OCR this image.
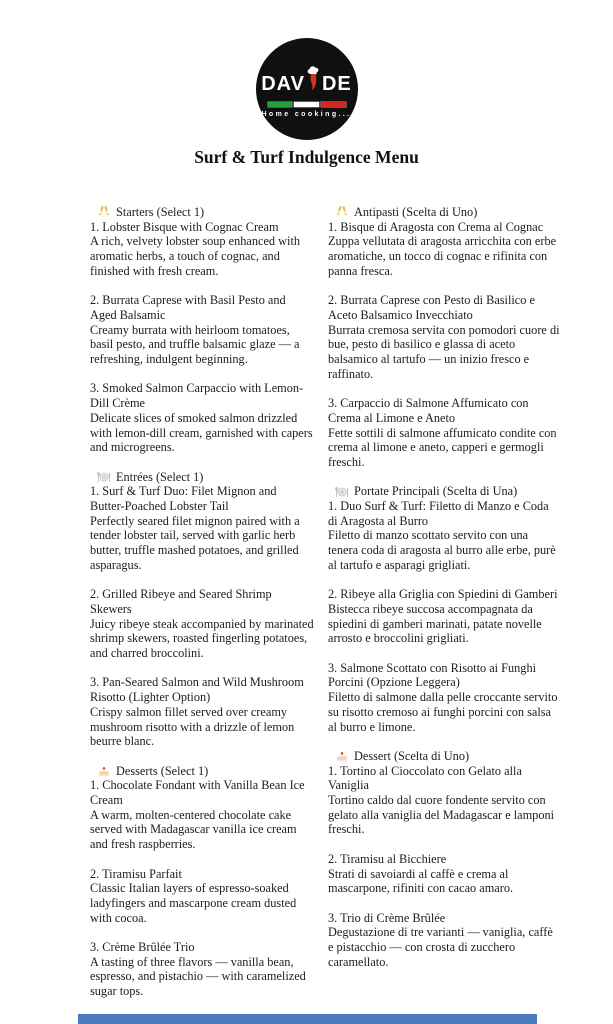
DAV DE
Home cooking...
Surf & Turf Indulgence Menu
Starters (Select 1)
1. Lobster Bisque with Cognac Cream
A rich, velvety lobster soup enhanced with aromatic herbs, a touch of cognac, and finished with fresh cream.
2. Burrata Caprese with Basil Pesto and Aged Balsamic
Creamy burrata with heirloom tomatoes, basil pesto, and truffle balsamic glaze — a refreshing, indulgent beginning.
3. Smoked Salmon Carpaccio with Lemon-Dill Crème
Delicate slices of smoked salmon drizzled with lemon-dill cream, garnished with capers and microgreens.
Entrées (Select 1)
1. Surf & Turf Duo: Filet Mignon and Butter-Poached Lobster Tail
Perfectly seared filet mignon paired with a tender lobster tail, served with garlic herb butter, truffle mashed potatoes, and grilled asparagus.
2. Grilled Ribeye and Seared Shrimp Skewers
Juicy ribeye steak accompanied by marinated shrimp skewers, roasted fingerling potatoes, and charred broccolini.
3. Pan-Seared Salmon and Wild Mushroom Risotto (Lighter Option)
Crispy salmon fillet served over creamy mushroom risotto with a drizzle of lemon beurre blanc.
Desserts (Select 1)
1. Chocolate Fondant with Vanilla Bean Ice Cream
A warm, molten-centered chocolate cake served with Madagascar vanilla ice cream and fresh raspberries.
2. Tiramisu Parfait
Classic Italian layers of espresso-soaked ladyfingers and mascarpone cream dusted with cocoa.
3. Crème Brûlée Trio
A tasting of three flavors — vanilla bean, espresso, and pistachio — with caramelized sugar tops.
Antipasti (Scelta di Uno)
1. Bisque di Aragosta con Crema al Cognac
Zuppa vellutata di aragosta arricchita con erbe aromatiche, un tocco di cognac e rifinita con panna fresca.
2. Burrata Caprese con Pesto di Basilico e Aceto Balsamico Invecchiato
Burrata cremosa servita con pomodori cuore di bue, pesto di basilico e glassa di aceto balsamico al tartufo — un inizio fresco e raffinato.
3. Carpaccio di Salmone Affumicato con Crema al Limone e Aneto
Fette sottili di salmone affumicato condite con crema al limone e aneto, capperi e germogli freschi.
Portate Principali (Scelta di Una)
1. Duo Surf & Turf: Filetto di Manzo e Coda di Aragosta al Burro
Filetto di manzo scottato servito con una tenera coda di aragosta al burro alle erbe, purè al tartufo e asparagi grigliati.
2. Ribeye alla Griglia con Spiedini di Gamberi
Bistecca ribeye succosa accompagnata da spiedini di gamberi marinati, patate novelle arrosto e broccolini grigliati.
3. Salmone Scottato con Risotto ai Funghi Porcini (Opzione Leggera)
Filetto di salmone dalla pelle croccante servito su risotto cremoso ai funghi porcini con salsa al burro e limone.
Dessert (Scelta di Uno)
1. Tortino al Cioccolato con Gelato alla Vaniglia
Tortino caldo dal cuore fondente servito con gelato alla vaniglia del Madagascar e lamponi freschi.
2. Tiramisu al Bicchiere
Strati di savoiardi al caffè e crema al mascarpone, rifiniti con cacao amaro.
3. Trio di Crème Brûlée
Degustazione di tre varianti — vaniglia, caffè e pistacchio — con crosta di zucchero caramellato.
